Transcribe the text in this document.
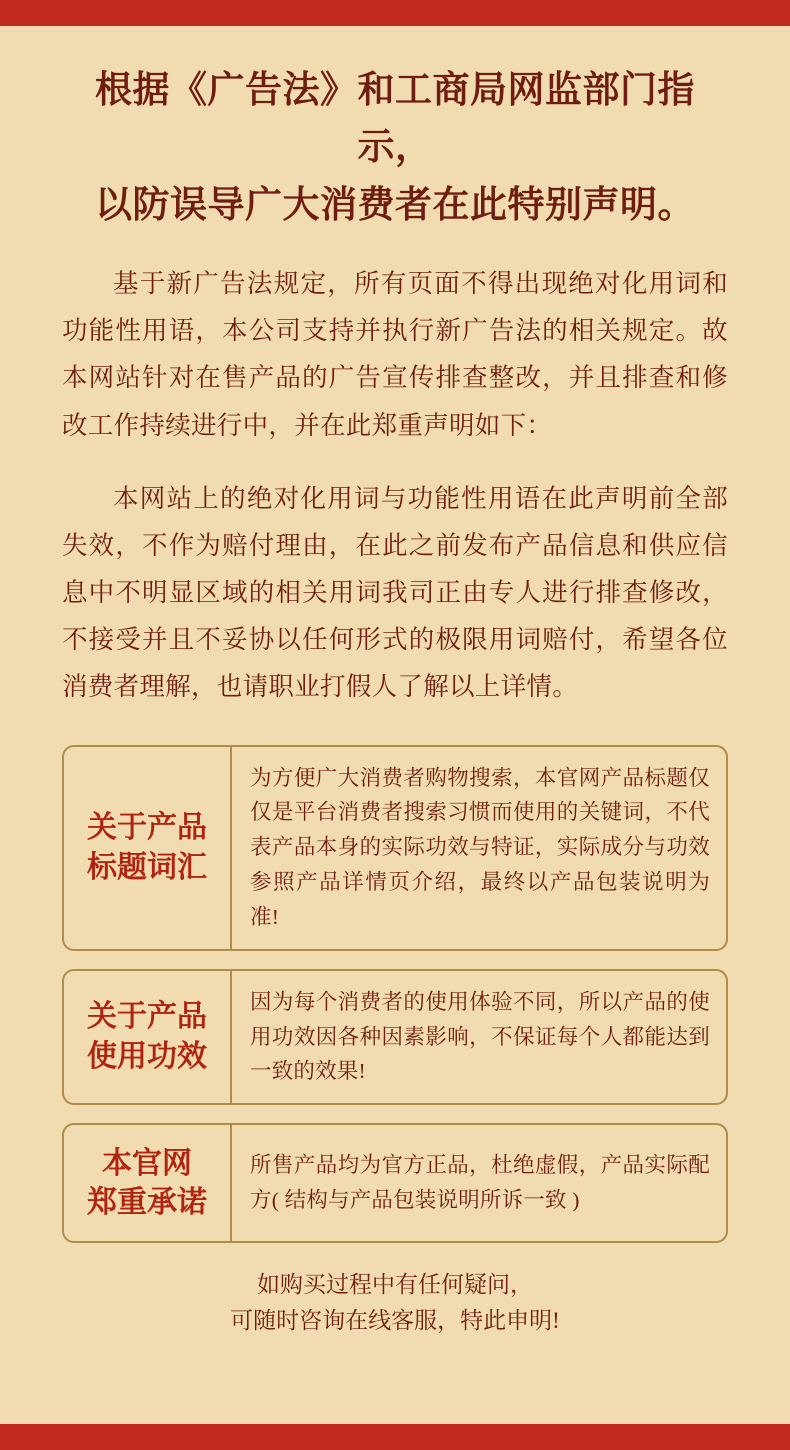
根据《广告法》和工商局网监部门指示，
以防误导广大消费者在此特别声明。

基于新广告法规定，所有页面不得出现绝对化用词和功能性用语，本公司支持并执行新广告法的相关规定。故本网站针对在售产品的广告宣传排查整改，并且排查和修改工作持续进行中，并在此郑重声明如下：

本网站上的绝对化用词与功能性用语在此声明前全部失效，不作为赔付理由，在此之前发布产品信息和供应信息中不明显区域的相关用词我司正由专人进行排查修改，不接受并且不妥协以任何形式的极限用词赔付，希望各位消费者理解，也请职业打假人了解以上详情。

关于产品
标题词汇

为方便广大消费者购物搜索，本官网产品标题仅仅是平台消费者搜索习惯而使用的关键词，不代表产品本身的实际功效与特证，实际成分与功效参照产品详情页介绍，最终以产品包装说明为准!

关于产品
使用功效

因为每个消费者的使用体验不同，所以产品的使用功效因各种因素影响，不保证每个人都能达到一致的效果!

本官网
郑重承诺

所售产品均为官方正品，杜绝虚假，产品实际配方( 结构与产品包装说明所诉一致 )

如购买过程中有任何疑问，
可随时咨询在线客服，特此申明!
